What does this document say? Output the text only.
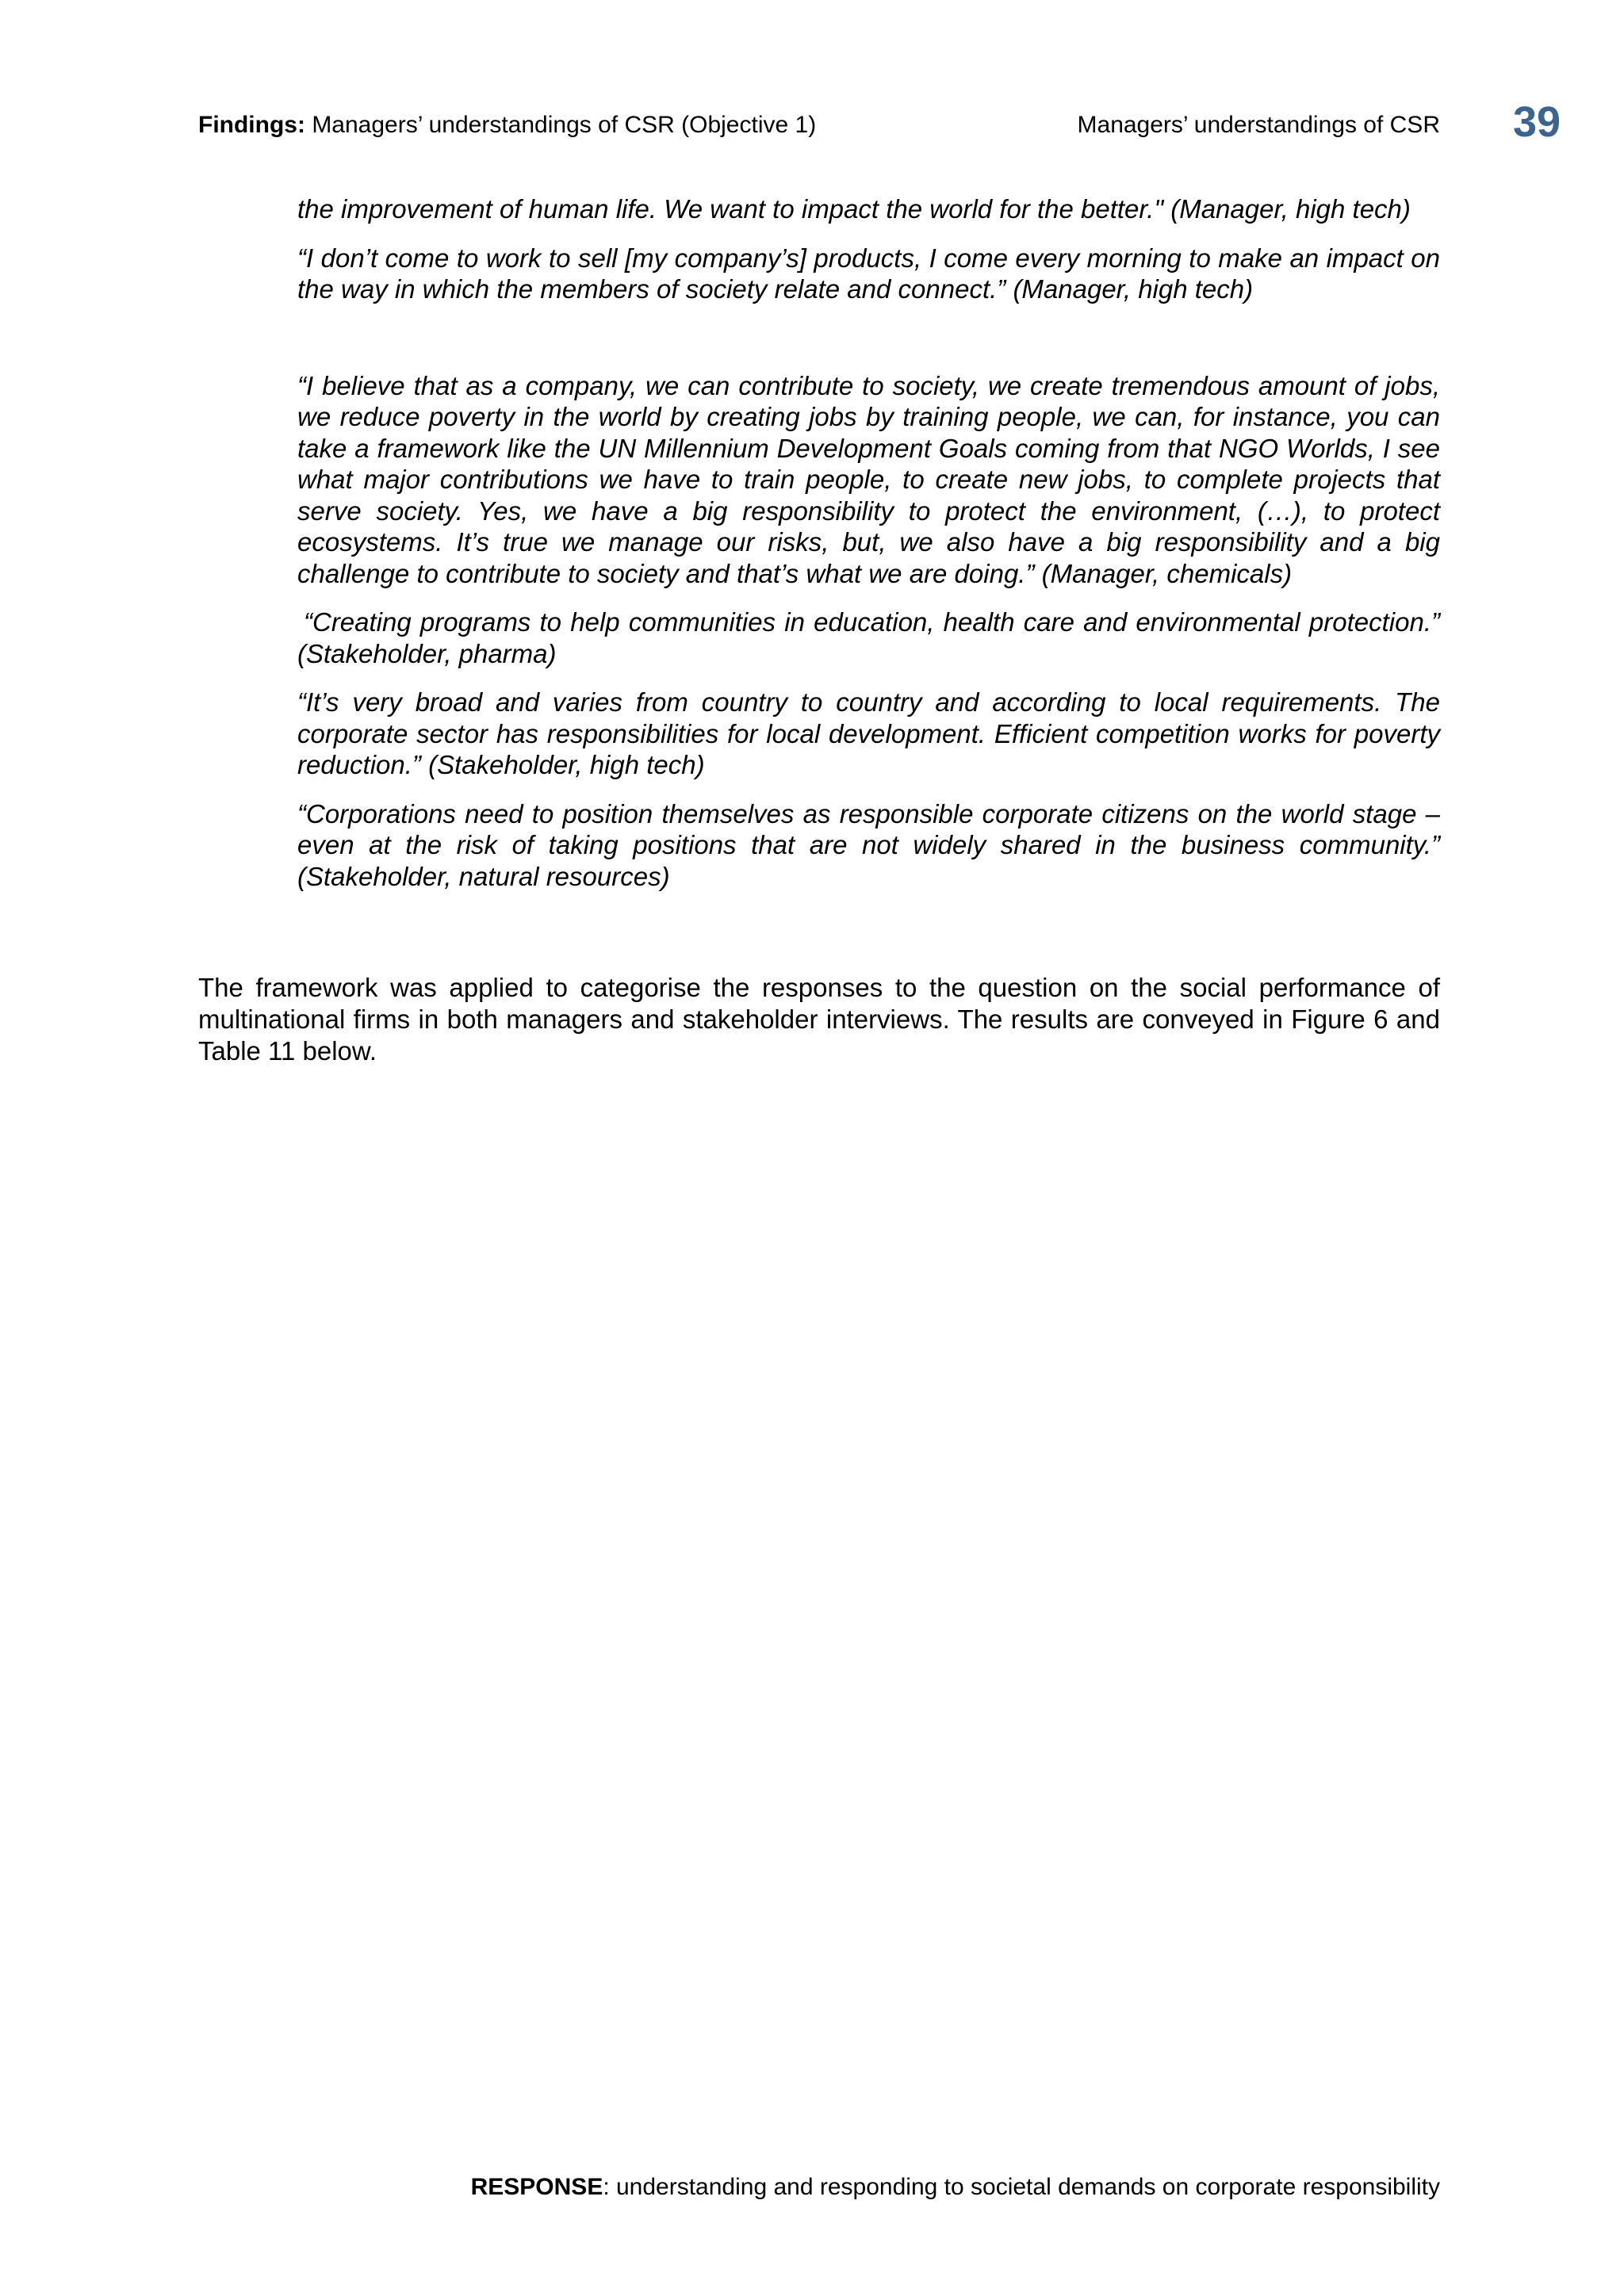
Findings: Managers’ understandings of CSR (Objective 1)	Managers’ understandings of CSR 39

the improvement of human life. We want to impact the world for the better." (Manager, high tech)

“I don’t come to work to sell [my company’s] products, I come every morning to make an impact on the way in which the members of society relate and connect.” (Manager, high tech)

“I believe that as a company, we can contribute to society, we create tremendous amount of jobs, we reduce poverty in the world by creating jobs by training people, we can, for instance, you can take a framework like the UN Millennium Development Goals coming from that NGO Worlds, I see what major contributions we have to train people, to create new jobs, to complete projects that serve society. Yes, we have a big responsibility to protect the environment, (…), to protect ecosystems. It’s true we manage our risks, but, we also have a big responsibility and a big challenge to contribute to society and that’s what we are doing.” (Manager, chemicals)

“Creating programs to help communities in education, health care and environmental protection.” (Stakeholder, pharma)

“It’s very broad and varies from country to country and according to local requirements. The corporate sector has responsibilities for local development. Efficient competition works for poverty reduction.” (Stakeholder, high tech)

“Corporations need to position themselves as responsible corporate citizens on the world stage – even at the risk of taking positions that are not widely shared in the business community.” (Stakeholder, natural resources)

The framework was applied to categorise the responses to the question on the social performance of multinational firms in both managers and stakeholder interviews. The results are conveyed in Figure 6 and Table 11 below.

RESPONSE: understanding and responding to societal demands on corporate responsibility
